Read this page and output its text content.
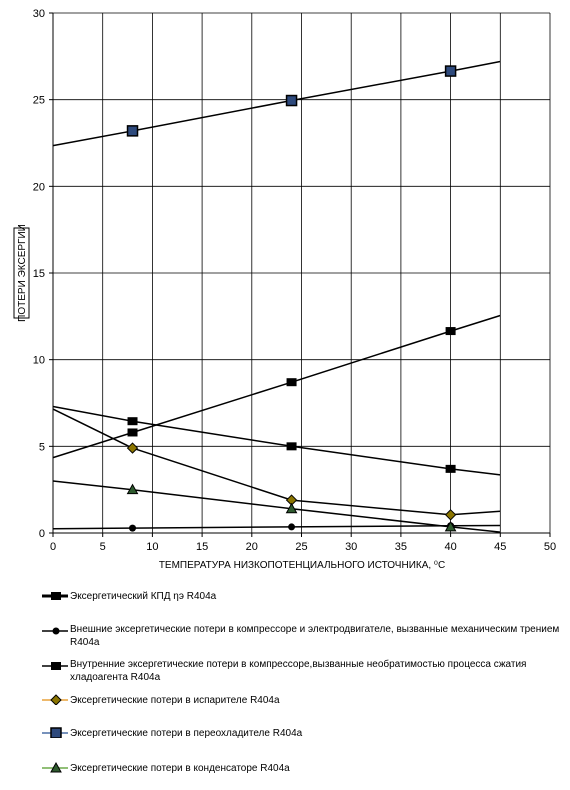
0	5	10	15	20	25	30	35	40	45	50
0
5
10
15
20
25
30
ТЕМПЕРАТУРА НИЗКОПОТЕНЦИАЛЬНОГО ИСТОЧНИКА, ⁰С
ПОТЕРИ ЭКСЕРГИИ
Эксергетический КПД ηэ R404a
Внешние эксергетические потери в компрессоре и электродвигателе, вызванные механическим трением R404a
Внутренние эксергетические потери в компрессоре,вызванные необратимостью процесса сжатия хладоагента R404a
Эксергетические потери в испарителе R404a
Эксергетические потери в переохладителе R404a
Эксергетические потери в конденсаторе R404a
